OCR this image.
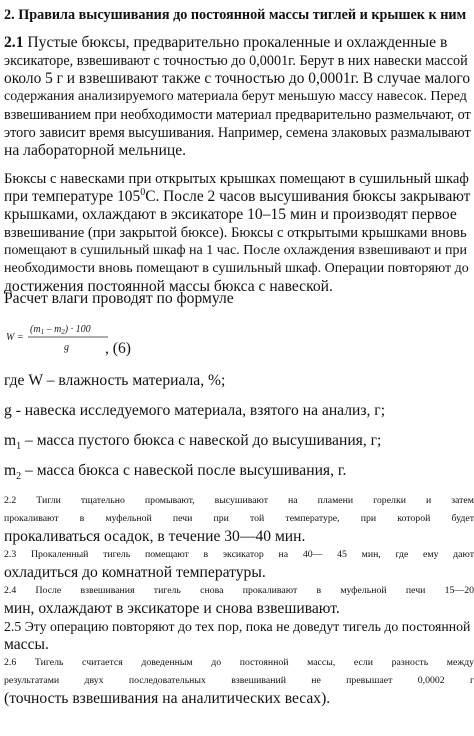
2. Правила высушивания до постоянной массы тиглей и крышек к ним
2.1 Пустые бюксы, предварительно прокаленные и охлажденные в
эксикаторе, взвешивают с точностью до 0,0001г. Берут в них навески массой
около 5 г и взвешивают также с точностью до 0,0001г. В случае малого
содержания анализируемого материала берут меньшую массу навесок. Перед
взвешиванием при необходимости материал предварительно размельчают, от
этого зависит время высушивания. Например, семена злаковых размалывают
на лабораторной мельнице.
Бюксы с навесками при открытых крышках помещают в сушильный шкаф
при температуре $105^0С$. После 2 часов высушивания бюксы закрывают
крышками, охлаждают в эксикаторе 10–15 мин и производят первое
взвешивание (при закрытой бюксе). Бюксы с открытыми крышками вновь
помещают в сушильный шкаф на 1 час. После охлаждения взвешивают и при
необходимости вновь помещают в сушильный шкаф. Операции повторяют до
достижения постоянной массы бюкса с навеской.
Расчет влаги проводят по формуле
W =
$(m_1 - m_2) \cdot 100$
g , (6)
где W – влажность материала, %;
g - навеска исследуемого материала, взятого на анализ, г;
$m_1$ – масса пустого бюкса с навеской до высушивания, г;
$m_2$ – масса бюкса с навеской после высушивания, г.
2.2 Тигли тщательно промывают, высушивают на пламени горелки и затем
прокаливают в муфельной печи при той температуре, при которой будет
прокаливаться осадок, в течение 30—40 мин.
2.3 Прокаленный тигель помещают в эксикатор на 40— 45 мин, где ему дают
охладиться до комнатной температуры.
2.4 После взвешивания тигель снова прокаливают в муфельной печи 15—20
мин, охлаждают в эксикаторе и снова взвешивают.
2.5 Эту операцию повторяют до тех пор, пока не доведут тигель до постоянной
массы.
2.6 Тигель считается доведенным до постоянной массы, если разность между
результатами двух последовательных взвешиваний не превышает 0,0002 г
(точность взвешивания на аналитических весах).
